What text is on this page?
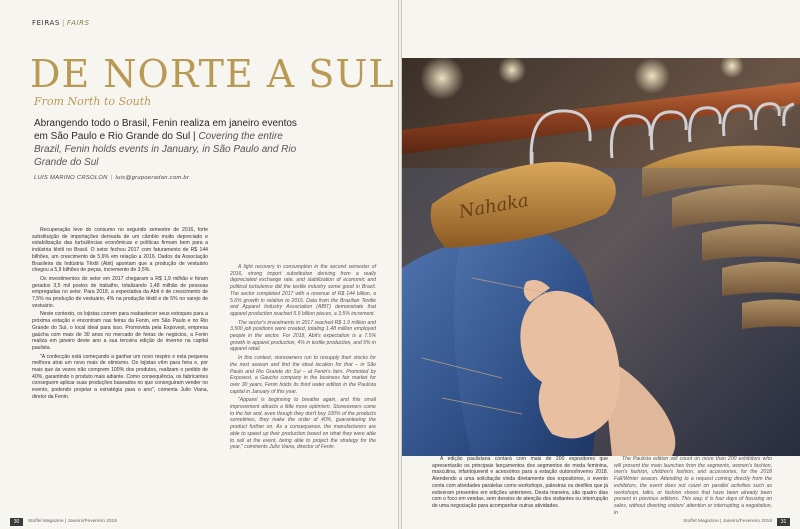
FEIRAS | FAIRS
DE NORTE A SUL
From North to South
Abrangendo todo o Brasil, Fenin realiza em janeiro eventos em São Paulo e Rio Grande do Sul | Covering the entire Brazil, Fenin holds events in January, in São Paulo and Rio Grande do Sul
LUIS MARINO CRSOLON | luis@grupoeradan.com.br

Recuperação leve do consumo no segundo semestre de 2016, forte substituição de importações derivada de um câmbio muito depreciado e estabilização das turbulências econômicas e políticas firmam bem para a indústria têxtil no Brasil. O setor fechou 2017 com faturamento de R$ 144 bilhões, um crescimento de 5,6% em relação a 2016. Dados da Associação Brasileira da Indústria Têxtil (Abit) apontam que a produção de vestuário chegou a 5,9 bilhões de peças, incremento de 3,5%.

Os investimentos do setor em 2017 chegaram a R$ 1,9 milhão e foram gerados 3,5 mil postos de trabalho, totalizando 1,48 milhão de pessoas empregadas no setor. Para 2018, a expectativa da Abit é de crescimento de 7,5% na produção de vestuário, 4% na produção têxtil e de 5% no varejo de vestuário.

Neste contexto, os lojistas correm para reabastecer seus estoques para a próxima estação e encontram nas feiras da Fenin, em São Paulo e no Rio Grande do Sul, o local ideal para isso. Promovida pela Expovest, empresa gaúcha com mais de 30 anos no mercado de feiras de negócios, a Fenin realiza em janeiro deste ano a sua terceira edição de inverno na capital paulista.

"A confecção está começando a ganhar um novo respiro e esta pequena melhora atrai um novo mais de otimismo. Os lojistas vêm para feira e, por mais que às vezes não comprem 100% dos produtos, realizam o pedido de 40%, garantindo o produto mais adiante. Como consequência, os fabricantes conseguem aplicar suas produções baseados no que conseguiram vender no evento, podendo projetar a estratégia para o ano", comenta Julio Viana, diretor da Fenin.

A light recovery in consumption in the second semester of 2016, strong import substitution deriving from a really depreciated exchange rate, and stabilization of economic and political turbulence did the textile industry some good in Brazil. The sector completed 2017 with a revenue of R$ 144 billion, a 5.6% growth in relation to 2016. Data from the Brazilian Textile and Apparel Industry Association (ABIT) demonstrate that apparel production reached 5.9 billion pieces, a 3.5% increment.

The sector's investments in 2017 reached R$ 1.9 million and 3,500 job positions were created, totaling 1.48 million employed people in the sector. For 2018, Abit's expectation is a 7.5% growth in apparel production, 4% in textile production, and 5% in apparel retail.

In this context, storeowners run to resupply their stocks for the next season and find the ideal location for that – in São Paulo and Rio Grande do Sul – at Fenin's fairs. Promoted by Expovest, a Gaucho company in the business fair market for over 30 years, Fenin holds its third water edition in the Paulista capital in January of this year.

"Apparel is beginning to breathe again, and this small improvement attracts a little more optimism. Storeowners come to the fair and, even though they don't buy 100% of the products sometimes, they make the order of 40%, guaranteeing the product further on. As a consequence, the manufacturers are able to speed up their production based on what they were able to sell at the event, being able to project the strategy for the year," comments Julio Viana, director of Fenin.

30	Stoffel Magazine | Janeiro/Fevereiro 2018
Nahaka

A edição paulistana contará com mais de 200 expositores que apresentarão os principais lançamentos dos segmentos de moda feminina, masculina, infantojuvenil e acessórios para a estação outono/inverno 2018. Atendendo a uma solicitação vinda diretamente dos expositores, o evento conta com atividades paralelas como workshops, palestras ou desfiles que já estiveram presentes em edições anteriores. Desta maneira, são quatro dias com o foco em vendas, sem desvios de atenção dos visitantes ou interrupção de uma negociação para acompanhar outras atividades.

The Paulista edition will count on more than 200 exhibitors who will present the main launches from the segments, women's fashion, men's fashion, children's fashion, and accessories, for the 2018 Fall/Winter season. Attending to a request coming directly from the exhibitors, the event does not count on parallel activities such as workshops, talks, or fashion shows that have been already been present in previous editions. This way, it is four days of focusing on sales, without diverting visitors' attention or interrupting a negotiation, in

Stoffel Magazine | Janeiro/Fevereiro 2018	31
